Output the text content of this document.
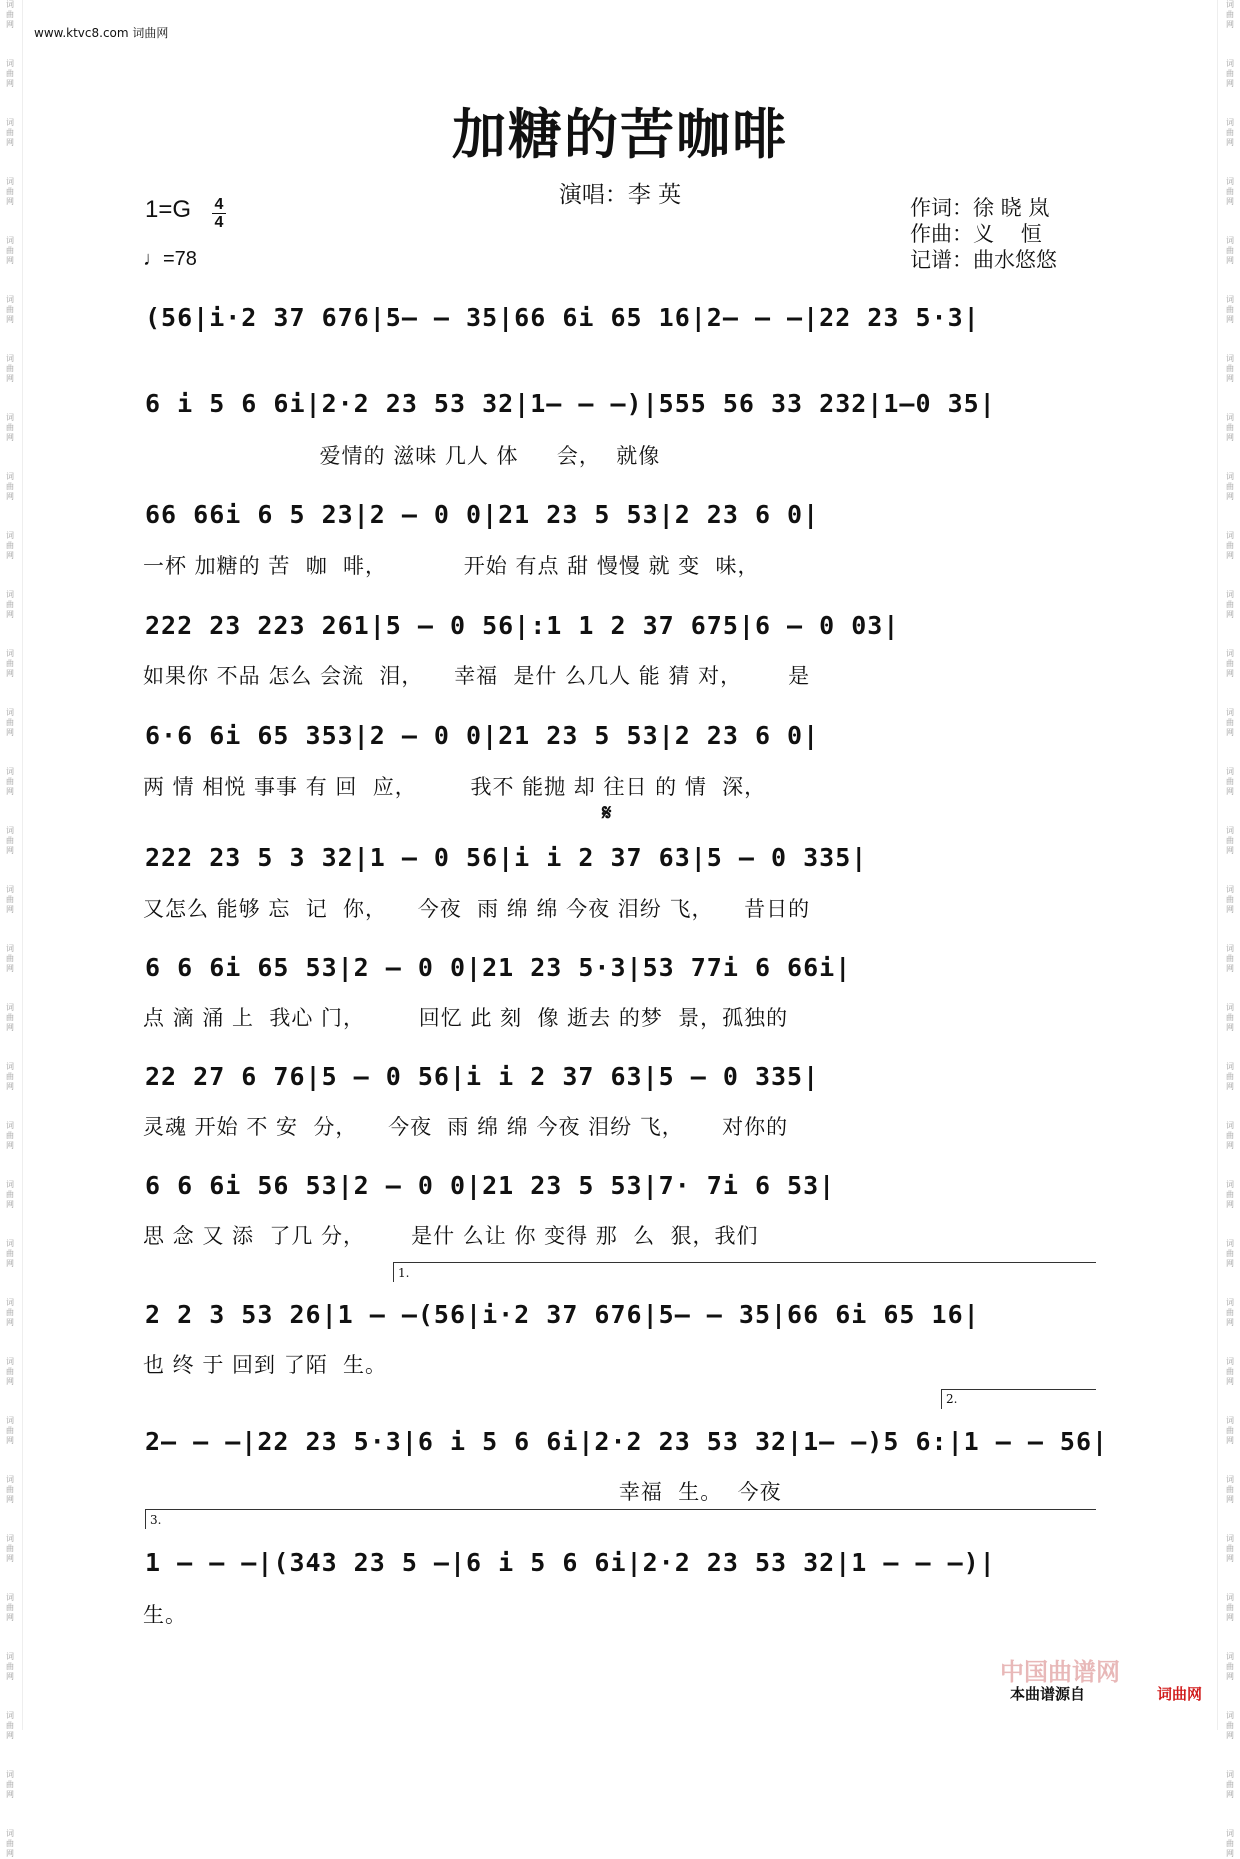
词
曲
网
词
曲
网
词
曲
网
词
曲
网
词
曲
网
词
曲
网
词
曲
网
词
曲
网
词
曲
网
词
曲
网
词
曲
网
词
曲
网
词
曲
网
词
曲
网
词
曲
网
词
曲
网
词
曲
网
词
曲
网
词
曲
网
词
曲
网
词
曲
网
词
曲
网
词
曲
网
词
曲
网
词
曲
网
词
曲
网
词
曲
网
词
曲
网
词
曲
网
词
曲
网
词
曲
网
词
曲
网
词
曲
网
词
曲
网
词
曲
网
词
曲
网
词
曲
网
词
曲
网
词
曲
网
词
曲
网
词
曲
网
词
曲
网
词
曲
网
词
曲
网
词
曲
网
词
曲
网
词
曲
网
词
曲
网
词
曲
网
词
曲
网
词
曲
网
词
曲
网
词
曲
网
词
曲
网
词
曲
网
词
曲
网
词
曲
网
词
曲
网
词
曲
网
词
曲
网
词
曲
网
词
曲
网
词
曲
网
词
曲
网
www.ktvc8.com 词曲网
加糖的苦咖啡
演唱：李 英
1=G 4
4
♩=78
作词：徐 晓 岚
作曲：义    恒
记谱：曲水悠悠
(56|i·2 37 676|5– – 35|66 6i 65 16|2– – –|22 23 5·3|
6 i 5 6 6i|2·2 23 53 32|1– – –)|555 56 33 232|1–0 35|
爱情的 滋味 几人 体     会，  就像
66 66i 6 5 23|2 – 0 0|21 23 5 53|2 23 6 0|
一杯 加糖的 苦  咖  啡，          开始 有点 甜 慢慢 就 变  味，
222 23 223 261|5 – 0 56|:1 1 2 37 675|6 – 0 03|
如果你 不品 怎么 会流  泪，    幸福  是什 么几人 能 猜 对，      是
6·6 6i 65 353|2 – 0 0|21 23 5 53|2 23 6 0|
两 情 相悦 事事 有 回  应，       我不 能抛 却 往日 的 情  深，
𝄋
222 23 5 3 32|1 – 0 56|i i 2 37 63|5 – 0 335|
又怎么 能够 忘  记  你，    今夜  雨 绵 绵 今夜 泪纷 飞，    昔日的
6 6 6i 65 53|2 – 0 0|21 23 5·3|53 77i 6 66i|
点 滴 涌 上  我心 门，       回忆 此 刻  像 逝去 的梦  景，孤独的
22 27 6 76|5 – 0 56|i i 2 37 63|5 – 0 335|
灵魂 开始 不 安  分，    今夜  雨 绵 绵 今夜 泪纷 飞，     对你的
6 6 6i 56 53|2 – 0 0|21 23 5 53|7· 7i 6 53|
思 念 又 添  了几 分，      是什 么让 你 变得 那  么  狠，我们
1.
2 2 3 53 26|1 – –(56|i·2 37 676|5– – 35|66 6i 65 16|
也 终 于 回到 了陌  生。
2.
2– – –|22 23 5·3|6 i 5 6 6i|2·2 23 53 32|1– –)5 6:|1 – – 56|
幸福  生。  今夜
3.
1 – – –|(343 23 5 –|6 i 5 6 6i|2·2 23 53 32|1 – – –)|
生。
中国曲谱网
本曲谱源自	词曲网
